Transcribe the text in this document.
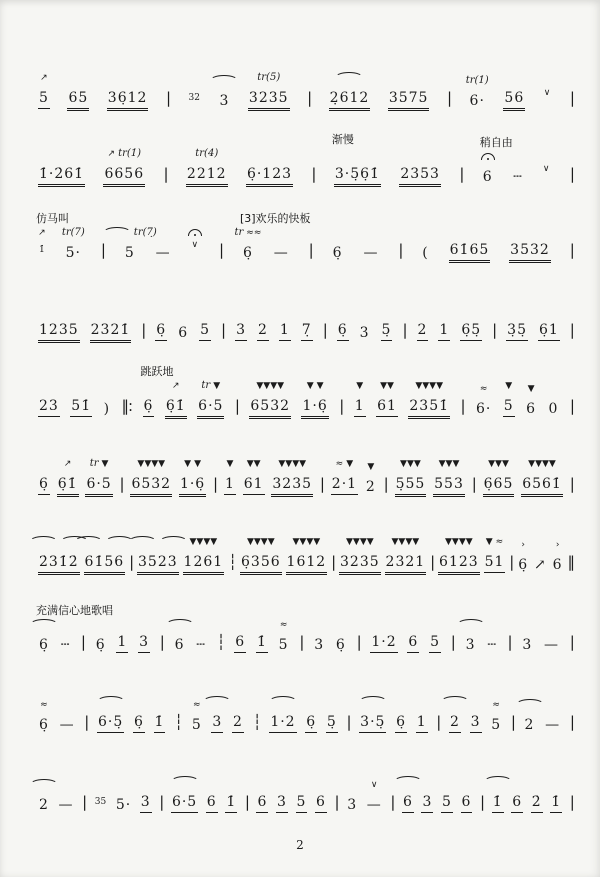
↗
5 65 36̣12 | 32 3
tr(5)
3235 | 2̣612 3575 |
tr(1̇)
6· 56 ∨ |
1̇·2̇61̇
↗ tr(1̇)
6656 |
tr(4)
2212 6̣·123 |
渐慢
3·5̣6̣1̇ 2353 |
稍自由
6 ┄ ∨ |
仿马叫
↗
1̇
tr(7)
5· |
tr(7̣)
5 — ∨ |
[3]欢乐的快板
tr ≈≈
6̣ — | 6̣ — | ( 61̇65 3532 |
1235 2321̇ | 6̣ 6 5 | 3 2 1 7̣ | 6̣ 3 5̣ | 2 1 6̣5̣ | 3̣5̣ 6̣1 |
23 51̇ ) ‖:
跳跃地
6̣
↗
6̣1̇
tr ▼
6·5 |
▼▼▼▼
6532
▼ ▼
1·6̣ |
▼
1
▼▼
61
▼▼▼▼
2351̇ |
≈
6·
▼
5
▼
6 0 |
6̣
↗
6̣1̇
tr ▼
6·5 |
▼▼▼▼
6532
▼ ▼
1·6̣ |
▼
1
▼▼
61
▼▼▼▼
3235 |
≈ ▼
2·1
▼
2 |
▼▼▼
5̣55
▼▼▼
553 |
▼▼▼
6̣65
▼▼▼▼
6561̇ |
2̇31̇2̇ 61̇56 | 3523
▼▼▼▼
1261 ┆
▼▼▼▼
6̣356
▼▼▼▼
1612 |
▼▼▼▼
3235
▼▼▼▼
2321 |
▼▼▼▼
6123
▼ ≈
51 |
›
6̣ ↗
›
6 ‖
充满信心地歌唱
6̣ ┄ | 6̣ 1 3 | 6 ┄ ┆ 6 1̇
≈
5 | 3 6̣ | 1·2 6 5 | 3 ┄ | 3 — |
≈
6̣ — | 6·5̣ 6̣ 1̇ ┆
≈
5 3 2 ┆ 1·2 6̣ 5̣ | 3·5̣ 6̣ 1 | 2 3
≈
5 | 2 — |
2 — | 35 5· 3 | 6·5 6 1̇ | 6 3 5 6 | 3
∨
— | 6 3 5 6 | 1̇ 6 2̇ 1̇ |
2
